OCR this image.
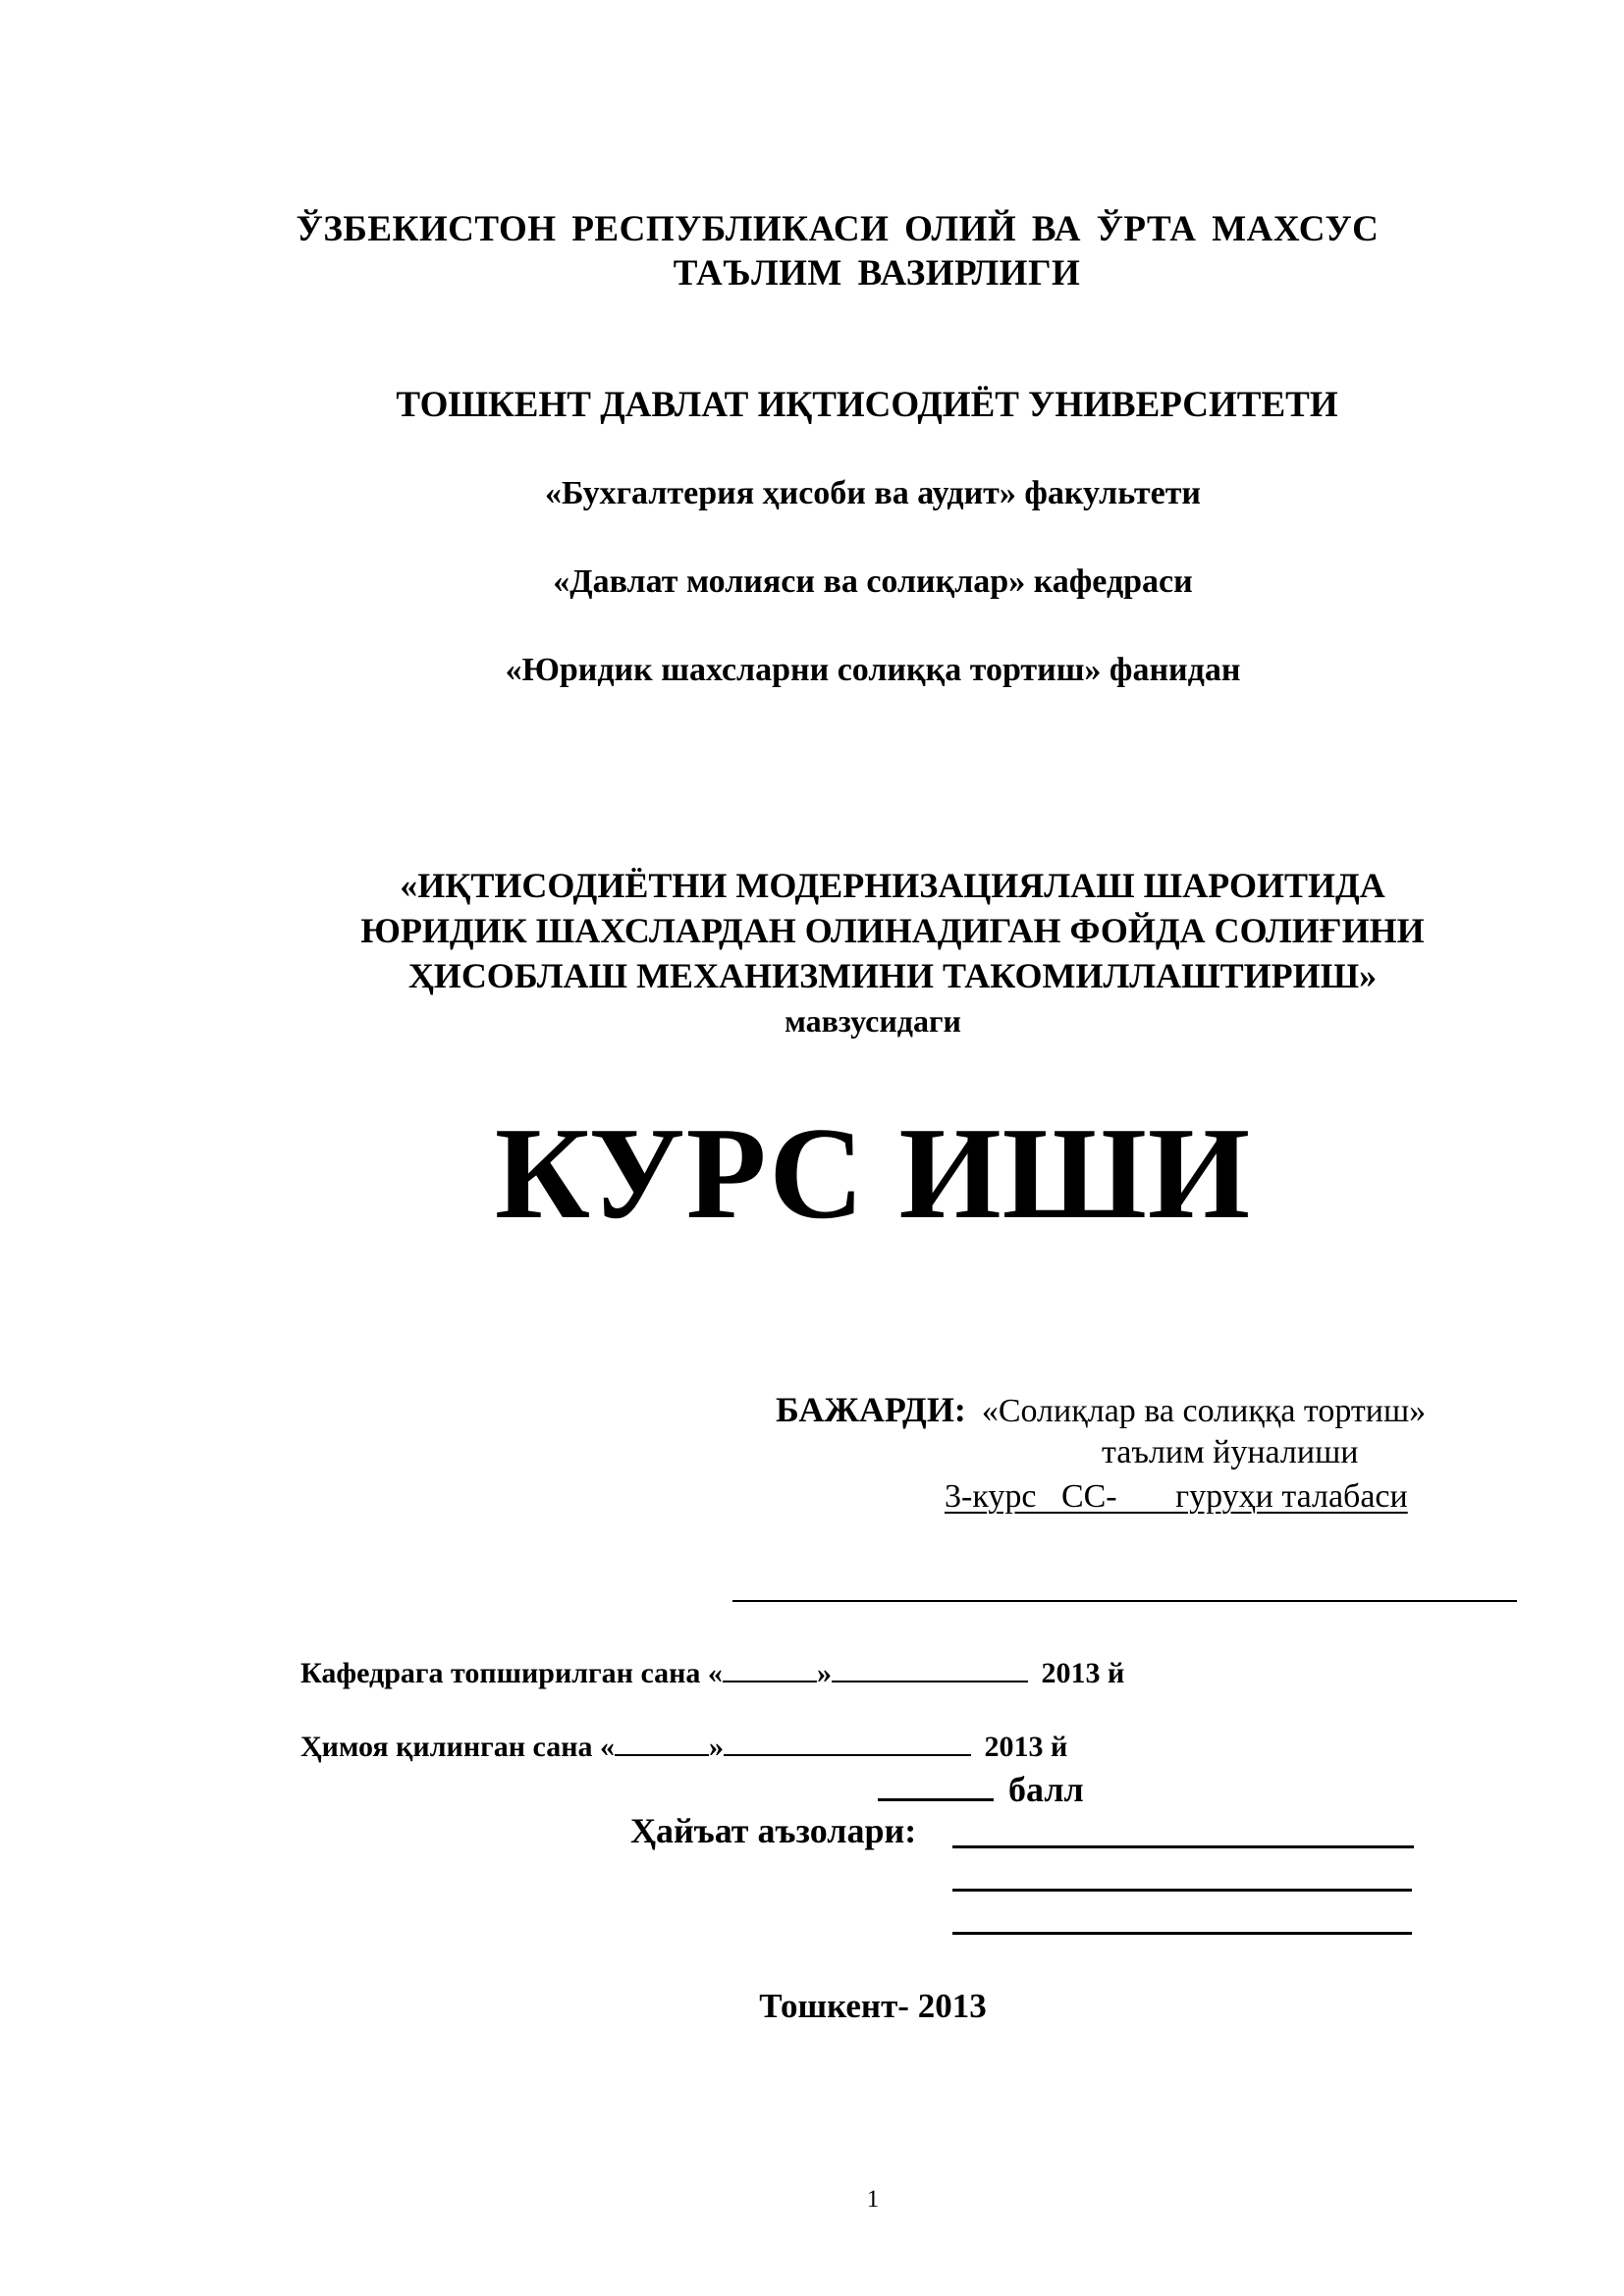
ЎЗБЕКИСТОН РЕСПУБЛИКАСИ ОЛИЙ ВА ЎРТА МАХСУС
ТАЪЛИМ ВАЗИРЛИГИ
ТОШКЕНТ ДАВЛАТ ИҚТИСОДИЁТ УНИВЕРСИТЕТИ
«Бухгалтерия ҳисоби ва аудит» факультети
«Давлат молияси ва солиқлар» кафедраси
«Юридик шахсларни солиққа тортиш» фанидан
«ИҚТИСОДИЁТНИ МОДЕРНИЗАЦИЯЛАШ ШАРОИТИДА
ЮРИДИК ШАХСЛАРДАН ОЛИНАДИГАН ФОЙДА СОЛИҒИНИ
ҲИСОБЛАШ МЕХАНИЗМИНИ ТАКОМИЛЛАШТИРИШ»
мавзусидаги
КУРС ИШИ
БАЖАРДИ: «Солиқлар ва солиққа тортиш»
таълим йуналиши
3-курс   СС-       гуруҳи талабаси
Кафедрага топширилган сана «	»	2013 й
Ҳимоя қилинган сана «	»	2013 й
балл
Ҳайъат аъзолари:
Тошкент- 2013
1
